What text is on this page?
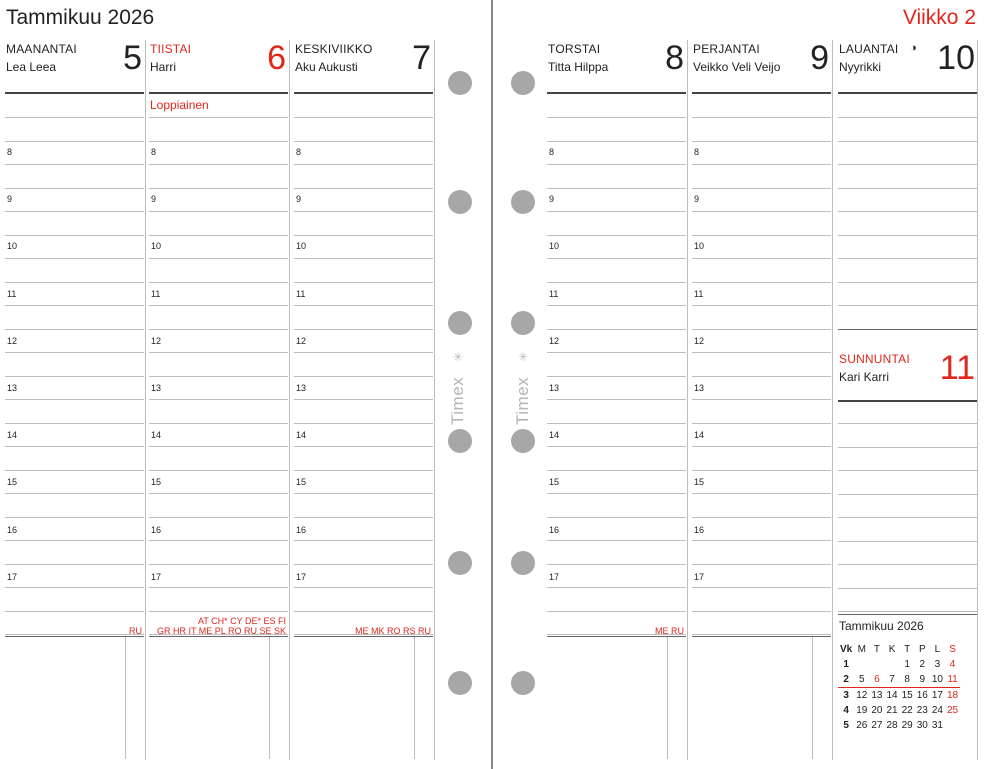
Tammikuu 2026	Viikko 2
MAANANTAI 5
Lea Leea
8
9
10
11
12
13
14
15
16
17
RU
TIISTAI 6
Harri
Loppiainen
8
9
10
11
12
13
14
15
16
17
AT CH* CY DE* ES FI
GR HR IT ME PL RO RU SE SK
KESKIVIIKKO 7
Aku Aukusti
8
9
10
11
12
13
14
15
16
17
ME MK RO RS RU
TORSTAI 8
Titta Hilppa
8
9
10
11
12
13
14
15
16
17
ME RU
PERJANTAI 9
Veikko Veli Veijo
8
9
10
11
12
13
14
15
16
17
LAUANTAI ◑ 10
Nyyrikki
SUNNUNTAI 11
Kari Karri
Timex	Timex
✳	✳
Tammikuu 2026
Vk	M	T	K	T	P	L	S
1				1	2	3	4
2	5	6	7	8	9	10	11
3	12	13	14	15	16	17	18
4	19	20	21	22	23	24	25
5	26	27	28	29	30	31	
